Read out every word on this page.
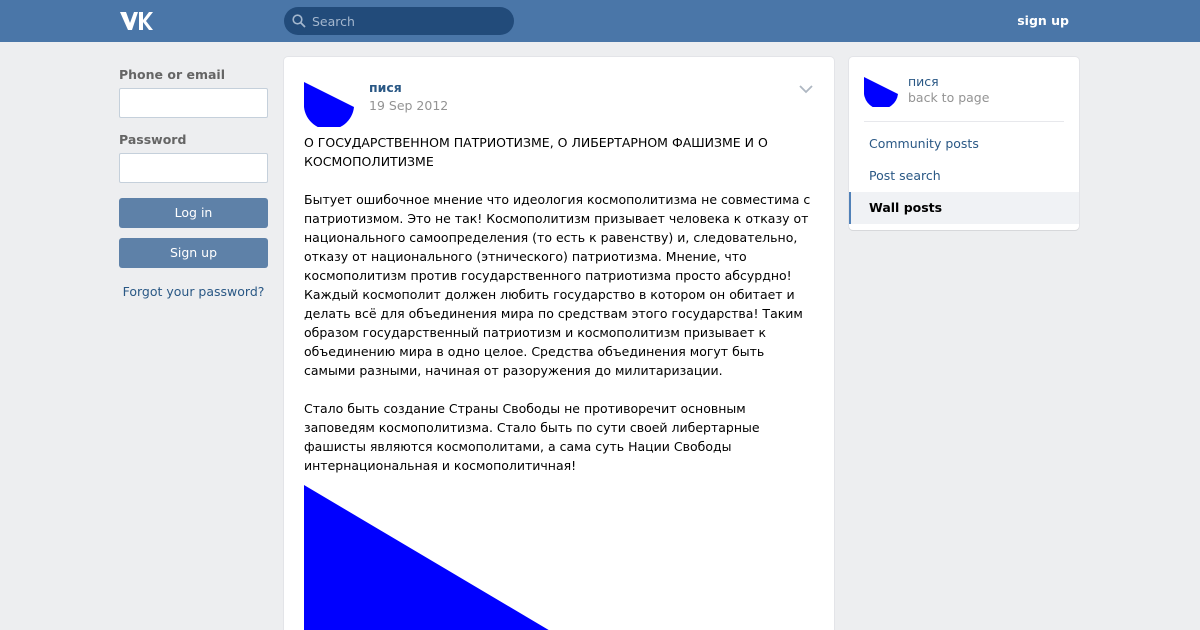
Search
sign up
Phone or email
Password
Log in
Sign up
Forgot your password?
пися
19 Sep 2012

О ГОСУДАРСТВЕННОМ ПАТРИОТИЗМЕ, О ЛИБЕРТАРНОМ ФАШИЗМЕ И О КОСМОПОЛИТИЗМЕ

Бытует ошибочное мнение что идеология космополитизма не совместима с патриотизмом. Это не так! Космополитизм призывает человека к отказу от национального самоопределения (то есть к равенству) и, следовательно, отказу от национального (этнического) патриотизма. Мнение, что космополитизм против государственного патриотизма просто абсурдно! Каждый космополит должен любить государство в котором он обитает и делать всё для объединения мира по средствам этого государства! Таким образом государственный патриотизм и космополитизм призывает к объединению мира в одно целое. Средства объединения могут быть самыми разными, начиная от разоружения до милитаризации.

Стало быть создание Страны Свободы не противоречит основным заповедям космополитизма. Стало быть по сути своей либертарные фашисты являются космополитами, а сама суть Нации Свободы интернациональная и космополитичная!

пися
back to page
Community posts
Post search
Wall posts
